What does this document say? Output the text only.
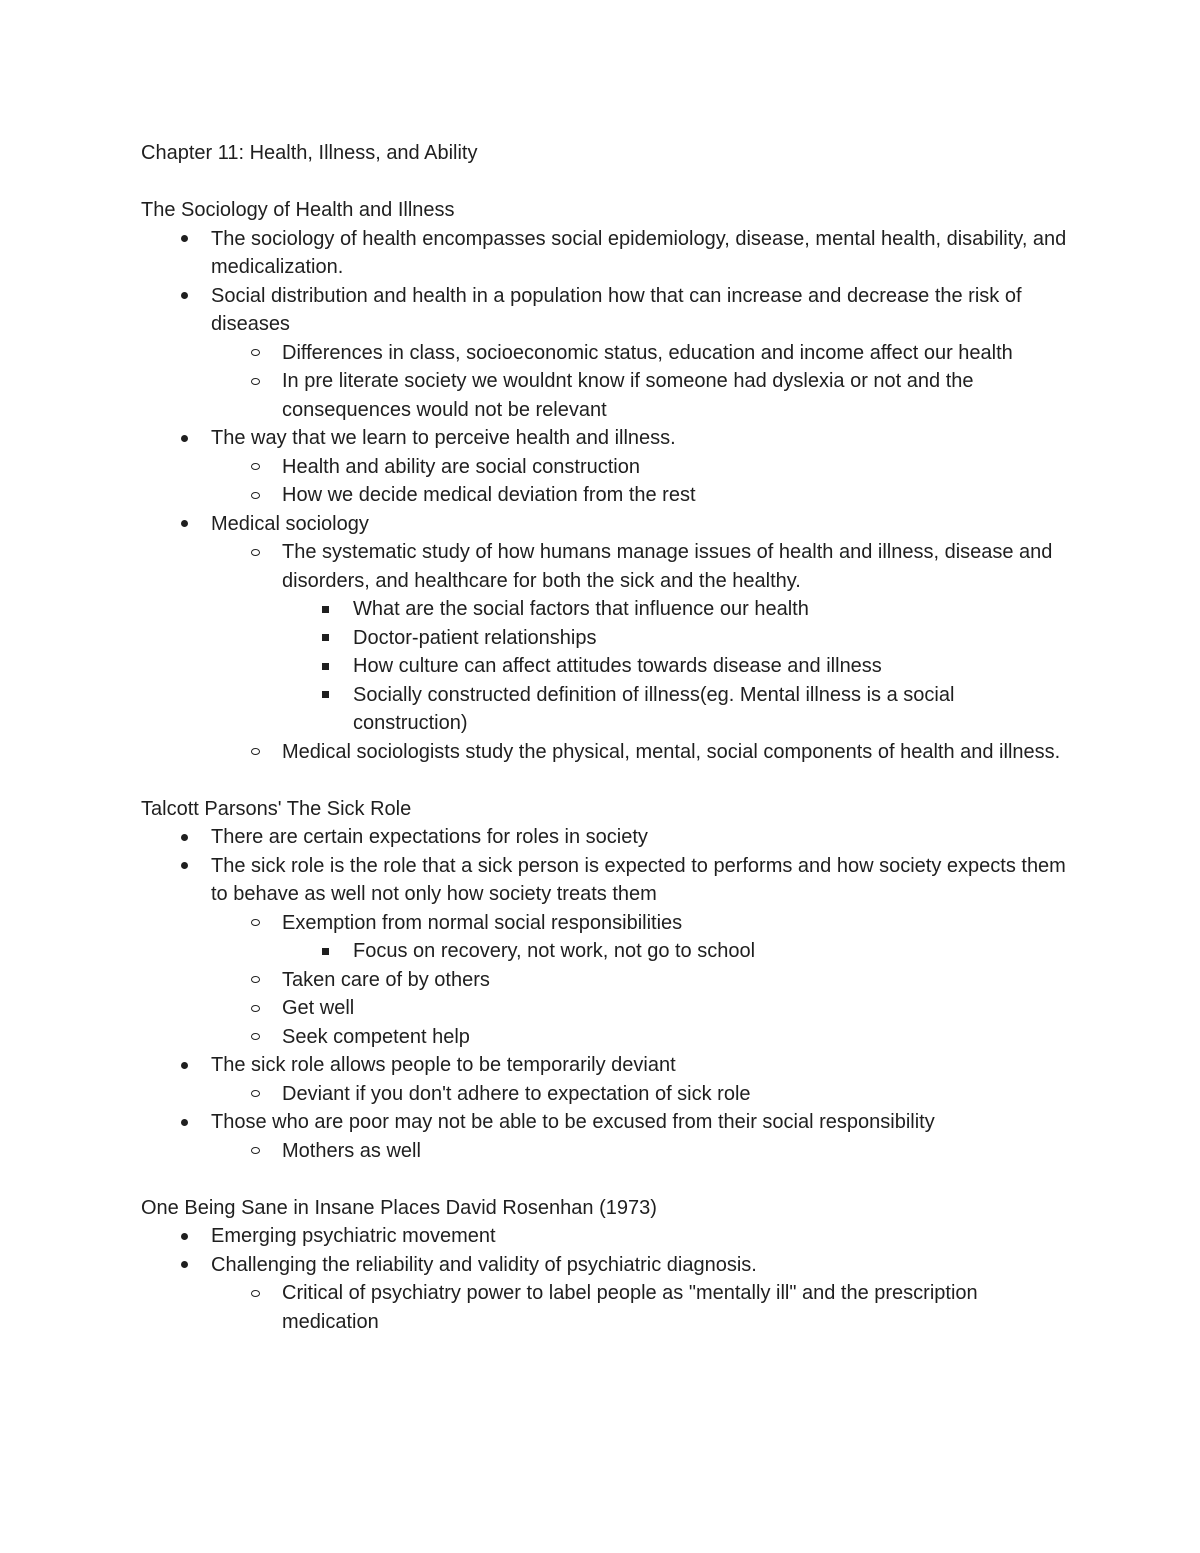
Chapter 11: Health, Illness, and Ability
The Sociology of Health and Illness
The sociology of health encompasses social epidemiology, disease, mental health, disability, and medicalization.
Social distribution and health in a population how that can increase and decrease the risk of diseases
Differences in class, socioeconomic status, education and income affect our health
In pre literate society we wouldnt know if someone had dyslexia or not and the consequences would not be relevant
The way that we learn to perceive health and illness.
Health and ability are social construction
How we decide medical deviation from the rest
Medical sociology
The systematic study of how humans manage issues of health and illness, disease and disorders, and healthcare for both the sick and the healthy.
What are the social factors that influence our health
Doctor-patient relationships
How culture can affect attitudes towards disease and illness
Socially constructed definition of illness(eg. Mental illness is a social construction)
Medical sociologists study the physical, mental, social components of health and illness.
Talcott Parsons' The Sick Role
There are certain expectations for roles in society
The sick role is the role that a sick person is expected to performs and how society expects them to behave as well not only how society treats them
Exemption from normal social responsibilities
Focus on recovery, not work, not go to school
Taken care of by others
Get well
Seek competent help
The sick role allows people to be temporarily deviant
Deviant if you don't adhere to expectation of sick role
Those who are poor may not be able to be excused from their social responsibility
Mothers as well
One Being Sane in Insane Places David Rosenhan (1973)
Emerging psychiatric movement
Challenging the reliability and validity of psychiatric diagnosis.
Critical of psychiatry power to label people as "mentally ill" and the prescription medication
